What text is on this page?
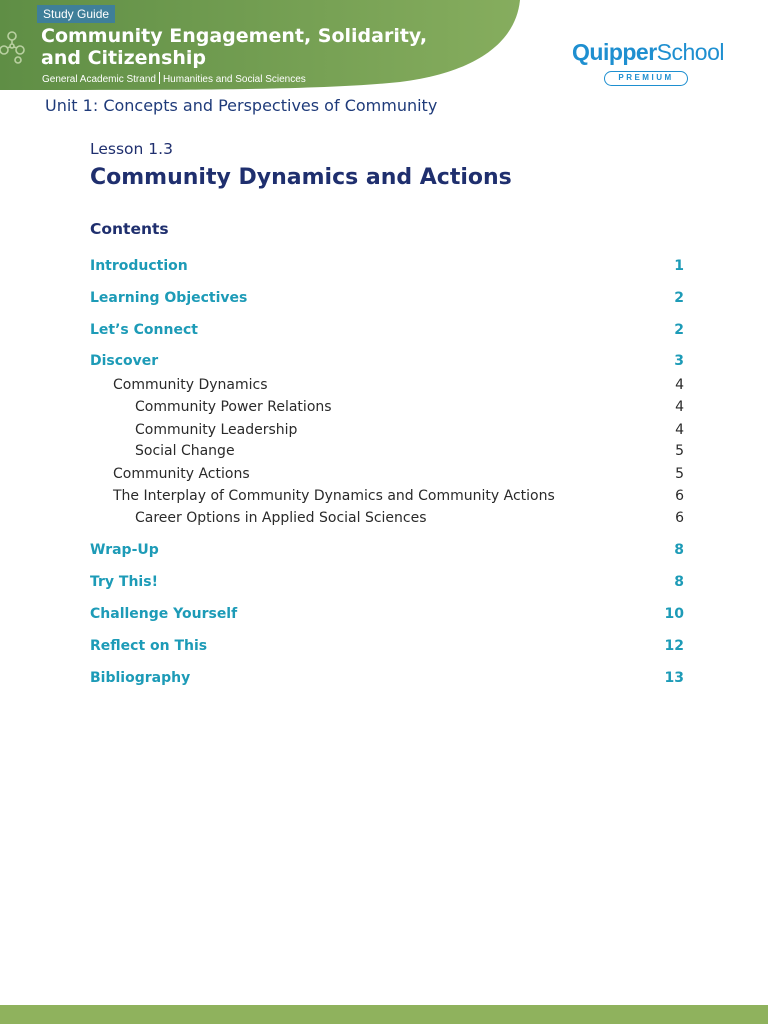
Study Guide
Community Engagement, Solidarity, and Citizenship
General Academic Strand Humanities and Social Sciences
QuipperSchool
PREMIUM
Unit 1: Concepts and Perspectives of Community
Lesson 1.3
Community Dynamics and Actions
Contents
Introduction	1
Learning Objectives	2
Let’s Connect	2
Discover	3
Community Dynamics	4
Community Power Relations	4
Community Leadership	4
Social Change	5
Community Actions	5
The Interplay of Community Dynamics and Community Actions	6
Career Options in Applied Social Sciences	6
Wrap-Up	8
Try This!	8
Challenge Yourself	10
Reflect on This	12
Bibliography	13
